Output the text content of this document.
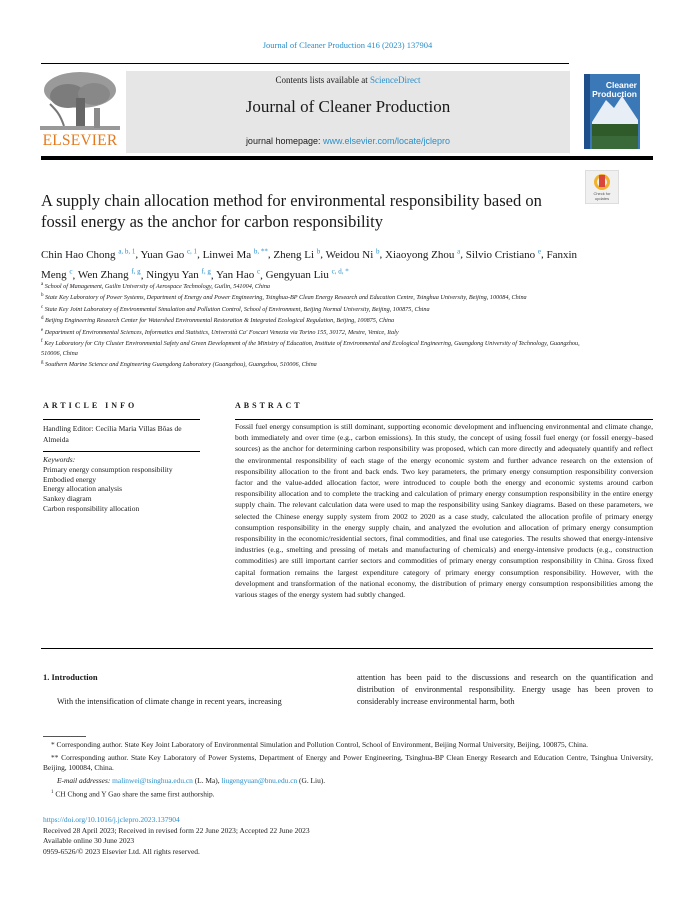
Journal of Cleaner Production 416 (2023) 137904
ELSEVIER
Contents lists available at ScienceDirect
Journal of Cleaner Production
journal homepage: www.elsevier.com/locate/jclepro
Cleaner
Production
A supply chain allocation method for environmental responsibility based on fossil energy as the anchor for carbon responsibility
Check for
updates
Chin Hao Chong $^{a, b, 1}$, Yuan Gao $^{c, 1}$, Linwei Ma $^{b, **}$, Zheng Li $^b$, Weidou Ni $^b$, Xiaoyong Zhou $^a$, Silvio Cristiano $^e$, Fanxin Meng $^c$, Wen Zhang $^{f, g}$, Ningyu Yan $^{f, g}$, Yan Hao $^c$, Gengyuan Liu $^{c, d, *}$
$^a$ School of Management, Guilin University of Aerospace Technology, Guilin, 541004, China
$^b$ State Key Laboratory of Power Systems, Department of Energy and Power Engineering, Tsinghua-BP Clean Energy Research and Education Centre, Tsinghua University, Beijing, 100084, China
$^c$ State Key Joint Laboratory of Environmental Simulation and Pollution Control, School of Environment, Beijing Normal University, Beijing, 100875, China
$^d$ Beijing Engineering Research Center for Watershed Environmental Restoration & Integrated Ecological Regulation, Beijing, 100875, China
$^e$ Department of Environmental Sciences, Informatics and Statistics, Università Ca' Foscari Venezia via Torino 155, 30172, Mestre, Venice, Italy
$^f$ Key Laboratory for City Cluster Environmental Safety and Green Development of the Ministry of Education, Institute of Environmental and Ecological Engineering, Guangdong University of Technology, Guangzhou, 510006, China
$^g$ Southern Marine Science and Engineering Guangdong Laboratory (Guangzhou), Guangzhou, 510006, China
ARTICLE INFO	ABSTRACT
Handling Editor: Cecília Maria Villas Bôas de Almeida
Keywords:
Primary energy consumption responsibility
Embodied energy
Energy allocation analysis
Sankey diagram
Carbon responsibility allocation
Fossil fuel energy consumption is still dominant, supporting economic development and influencing environmental and climate change, both immediately and over time (e.g., carbon emissions). In this study, the concept of using fossil fuel energy (or fossil energy–based sources) as the anchor for determining carbon responsibility was proposed, which can more directly and adequately quantify and reflect the environmental responsibility of each stage of the energy economic system and further advance research on the extension of responsibility allocation to the front and back ends. Two key parameters, the primary energy consumption responsibility conversion factor and the value-added allocation factor, were introduced to couple both the energy and economic systems around carbon responsibility allocation and to complete the tracking and calculation of primary energy consumption responsibility in the entire energy supply chain. The relevant calculation data were used to map the responsibility using Sankey diagrams. Based on these parameters, we selected the Chinese energy supply system from 2002 to 2020 as a case study, calculated the allocation profile of primary energy consumption responsibility in the energy supply chain, and analyzed the evolution and allocation of primary energy consumption responsibility in the economic/residential sectors, final commodities, and final use categories. The results showed that energy-intensive industries (e.g., smelting and pressing of metals and manufacturing of chemicals) and energy-intensive products (e.g., construction commodities) are still important carrier sectors and commodities of primary energy consumption responsibility in China. Gross fixed capital formation remains the largest expenditure category of primary energy consumption responsibility. However, with the development and transformation of the national economy, the distribution of primary energy consumption responsibilities among the various stages of the energy system had subtly changed.
1. Introduction
With the intensification of climate change in recent years, increasing
attention has been paid to the discussions and research on the quantification and distribution of environmental responsibility. Energy usage has been proven to considerably increase environmental harm, both

* Corresponding author. State Key Joint Laboratory of Environmental Simulation and Pollution Control, School of Environment, Beijing Normal University, Beijing, 100875, China.

** Corresponding author. State Key Laboratory of Power Systems, Department of Energy and Power Engineering, Tsinghua-BP Clean Energy Research and Education Centre, Tsinghua University, Beijing, 100084, China.

E-mail addresses: malinwei@tsinghua.edu.cn (L. Ma), liugengyuan@bnu.edu.cn (G. Liu).

$^1$ CH Chong and Y Gao share the same first authorship.

https://doi.org/10.1016/j.jclepro.2023.137904

Received 28 April 2023; Received in revised form 22 June 2023; Accepted 22 June 2023

Available online 30 June 2023

0959-6526/© 2023 Elsevier Ltd. All rights reserved.
